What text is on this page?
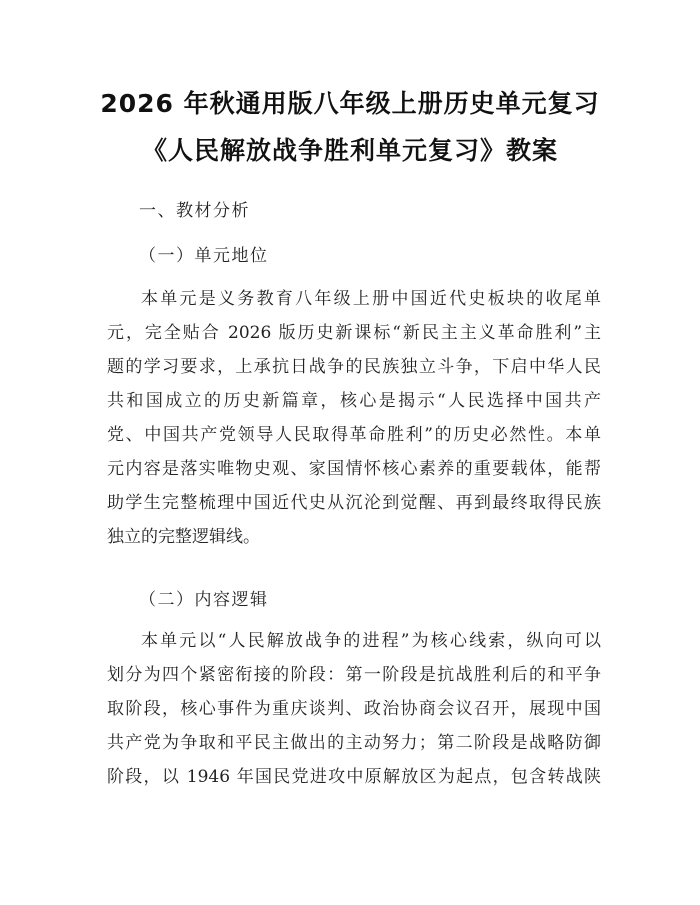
2026 年秋通用版八年级上册历史单元复习
《人民解放战争胜利单元复习》教案
一、教材分析
（一）单元地位
本单元是义务教育八年级上册中国近代史板块的收尾单
元，完全贴合 2026 版历史新课标“新民主主义革命胜利”主
题的学习要求，上承抗日战争的民族独立斗争，下启中华人民
共和国成立的历史新篇章，核心是揭示“人民选择中国共产
党、中国共产党领导人民取得革命胜利”的历史必然性。本单
元内容是落实唯物史观、家国情怀核心素养的重要载体，能帮
助学生完整梳理中国近代史从沉沦到觉醒、再到最终取得民族
独立的完整逻辑线。
（二）内容逻辑
本单元以“人民解放战争的进程”为核心线索，纵向可以
划分为四个紧密衔接的阶段：第一阶段是抗战胜利后的和平争
取阶段，核心事件为重庆谈判、政治协商会议召开，展现中国
共产党为争取和平民主做出的主动努力；第二阶段是战略防御
阶段，以 1946 年国民党进攻中原解放区为起点，包含转战陕
